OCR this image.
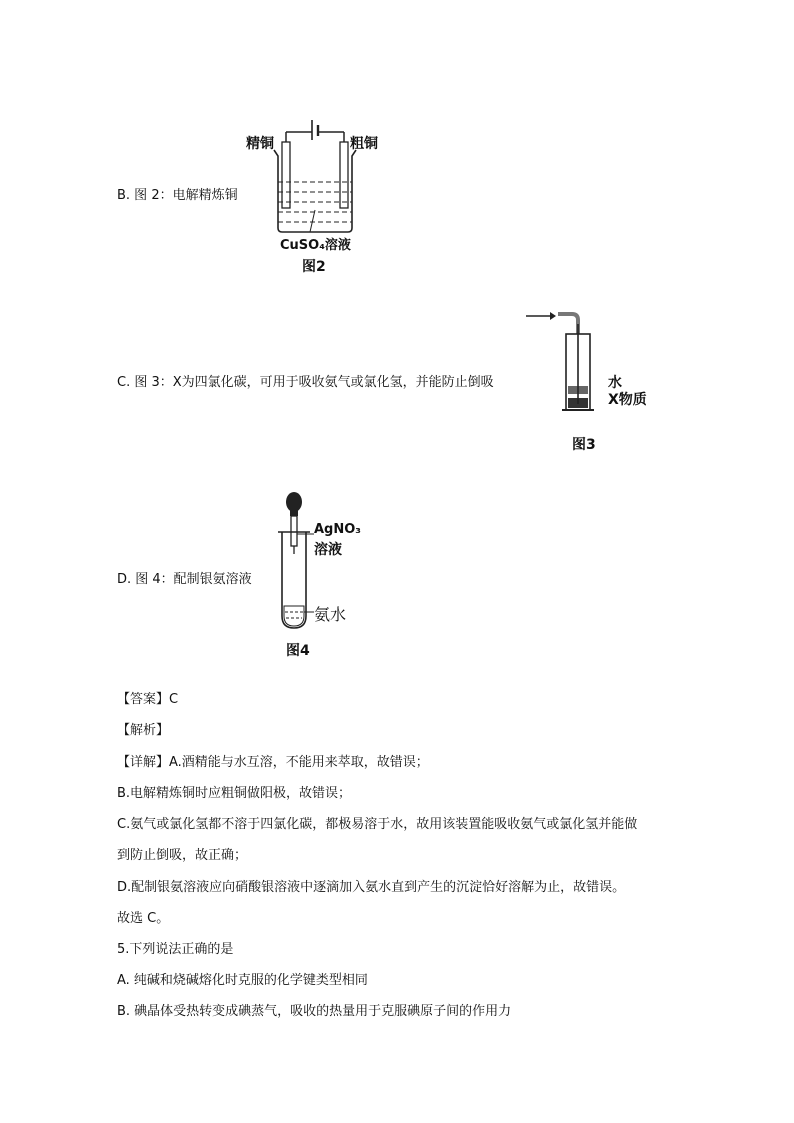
B. 图 2：电解精炼铜
精铜	粗铜
CuSO₄溶液
图2
C. 图 3：X为四氯化碳，可用于吸收氨气或氯化氢，并能防止倒吸	水
X物质
图3
D. 图 4：配制银氨溶液
AgNO₃
溶液
氨水
图4
【答案】C
【解析】
【详解】A.酒精能与水互溶，不能用来萃取，故错误；
B.电解精炼铜时应粗铜做阳极，故错误；
C.氨气或氯化氢都不溶于四氯化碳，都极易溶于水，故用该装置能吸收氨气或氯化氢并能做
到防止倒吸，故正确；
D.配制银氨溶液应向硝酸银溶液中逐滴加入氨水直到产生的沉淀恰好溶解为止，故错误。
故选 C。
5.下列说法正确的是
A. 纯碱和烧碱熔化时克服的化学键类型相同
B. 碘晶体受热转变成碘蒸气，吸收的热量用于克服碘原子间的作用力
